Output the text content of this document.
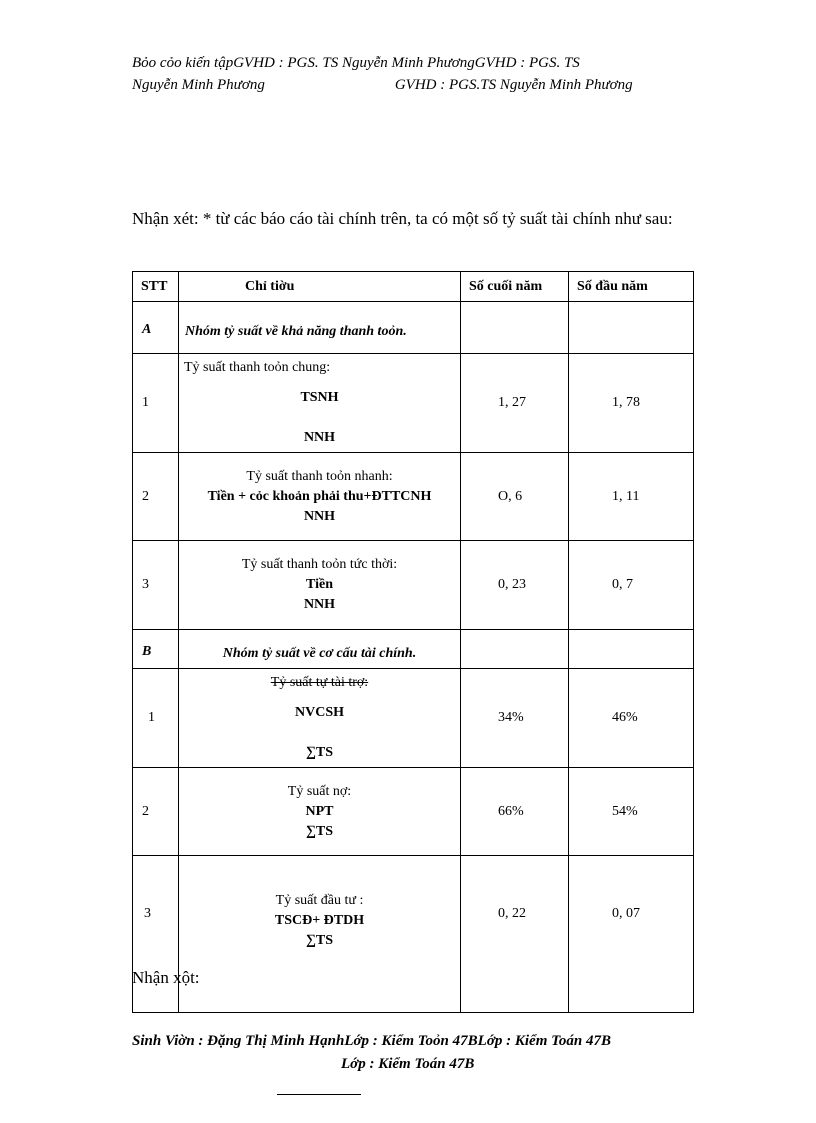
Bỏo cỏo kiến tậpGVHD : PGS. TS Nguyễn Minh PhươngGVHD : PGS. TS
Nguyễn Minh Phương	GVHD : PGS.TS Nguyễn Minh Phương
Nhận xét: * từ các báo cáo tài chính trên, ta có một số tỷ suất tài chính như sau:
STT	Chỉ tiờu	Số cuối năm	Số đầu năm
A	Nhóm tỷ suất về khả năng thanh toỏn.		
1	Tỷ suất thanh toỏn chung:
TSNH
NNH	1, 27	1, 78
2	Tỷ suất thanh toỏn nhanh:
Tiền + cỏc khoản phải thu+ĐTTCNH
NNH	O, 6	1, 11
3	Tỷ suất thanh toỏn tức thời:
Tiền
NNH	0, 23	0, 7
B	Nhóm tỷ suất về cơ cấu tài chính.		
1	Tỷ suất tự tài trợ:
NVCSH
∑TS	34%	46%
2	Tỷ suất nợ:
NPT
∑TS	66%	54%
3	Tỷ suất đầu tư :
TSCĐ+ ĐTDH
∑TS	0, 22	0, 07
Nhận xột:
Sinh Viờn : Đặng Thị Minh HạnhLớp : Kiểm Toỏn 47BLớp : Kiểm Toán 47B
Lớp : Kiểm Toán 47B
